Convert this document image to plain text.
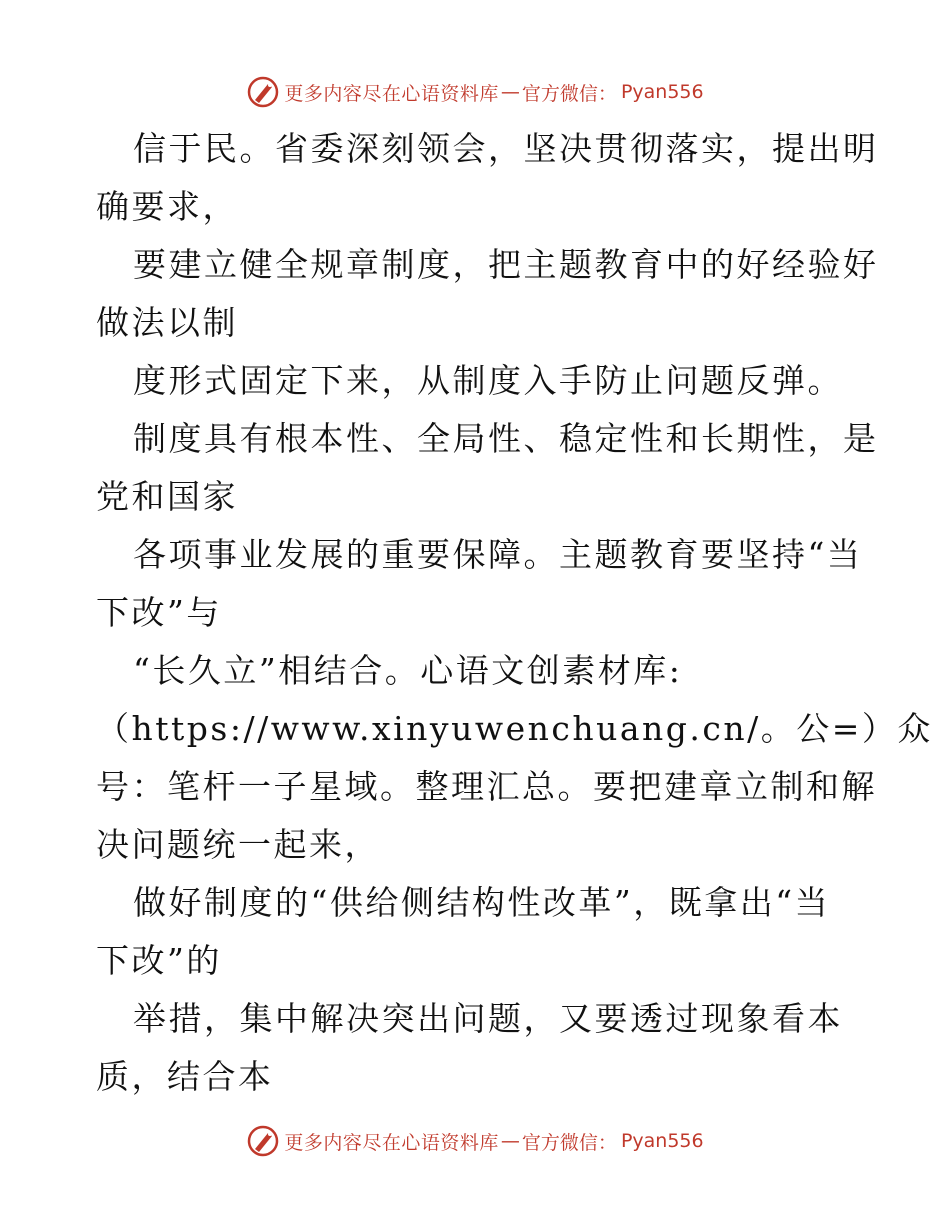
更多内容尽在心语资料库 — 官方微信： Pyan556
信于民。省委深刻领会，坚决贯彻落实，提出明
确要求，
要建立健全规章制度，把主题教育中的好经验好
做法以制
度形式固定下来，从制度入手防止问题反弹。
制度具有根本性、全局性、稳定性和长期性，是
党和国家
各项事业发展的重要保障。主题教育要坚持“当
下改”与
“长久立”相结合。心语文创素材库:
（https://www.xinyuwenchuang.cn/。公=）众
号：笔杆一子星域。整理汇总。要把建章立制和解
决问题统一起来，
做好制度的“供给侧结构性改革”，既拿出“当
下改”的
举措，集中解决突出问题，又要透过现象看本
质，结合本
更多内容尽在心语资料库 — 官方微信： Pyan556
